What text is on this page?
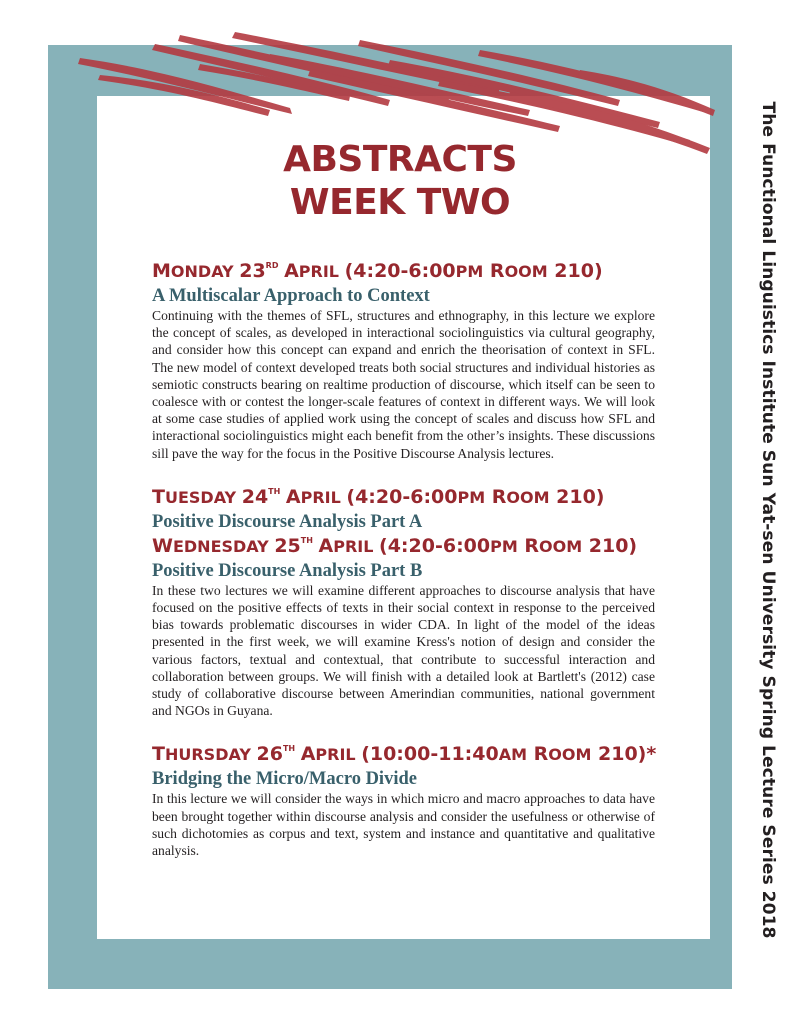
The Functional Linguistics Institute Sun Yat-sen University Spring Lecture Series 2018
ABSTRACTS
WEEK TWO

MONDAY 23RD APRIL (4:20-6:00PM ROOM 210)

A Multiscalar Approach to Context

Continuing with the themes of SFL, structures and ethnography, in this lecture we explore the concept of scales, as developed in interactional sociolinguistics via cultural geography, and consider how this concept can expand and enrich the theorisation of context in SFL. The new model of context developed treats both social structures and individual histories as semiotic constructs bearing on realtime production of discourse, which itself can be seen to coalesce with or contest the longer-scale features of context in different ways. We will look at some case studies of applied work using the concept of scales and discuss how SFL and interactional sociolinguistics might each benefit from the other’s insights. These discussions sill pave the way for the focus in the Positive Discourse Analysis lectures.

TUESDAY 24TH APRIL (4:20-6:00PM ROOM 210)

Positive Discourse Analysis Part A

WEDNESDAY 25TH APRIL (4:20-6:00PM ROOM 210)

Positive Discourse Analysis Part B

In these two lectures we will examine different approaches to discourse analysis that have focused on the positive effects of texts in their social context in response to the perceived bias towards problematic discourses in wider CDA. In light of the model of the ideas presented in the first week, we will examine Kress's notion of design and consider the various factors, textual and contextual, that contribute to successful interaction and collaboration between groups. We will finish with a detailed look at Bartlett's (2012) case study of collaborative discourse between Amerindian communities, national government and NGOs in Guyana.

THURSDAY 26TH APRIL (10:00-11:40AM ROOM 210)*

Bridging the Micro/Macro Divide

In this lecture we will consider the ways in which micro and macro approaches to data have been brought together within discourse analysis and consider the usefulness or otherwise of such dichotomies as corpus and text, system and instance and quantitative and qualitative analysis.
